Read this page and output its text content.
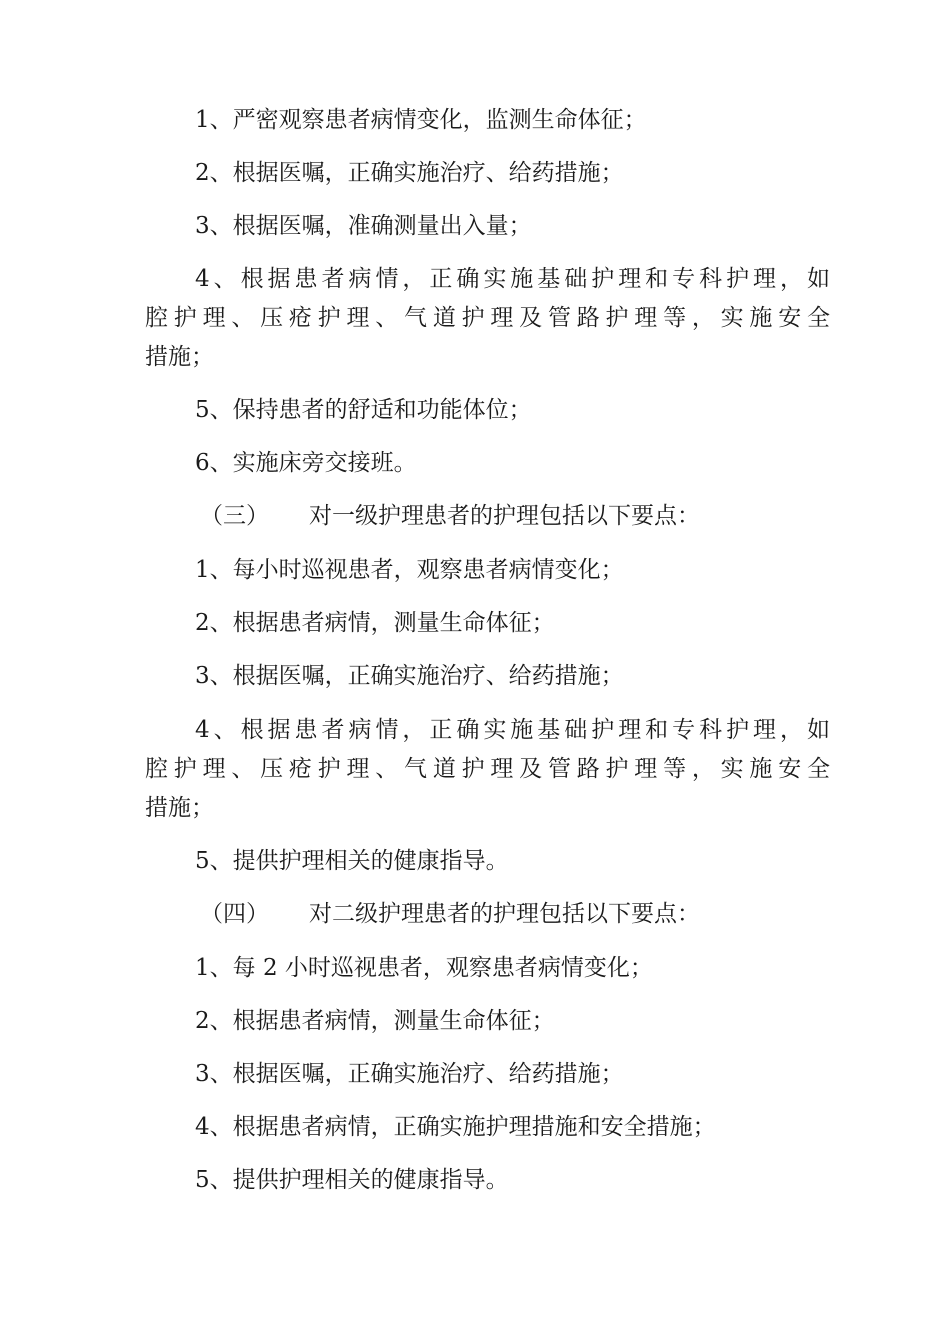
1、严密观察患者病情变化，监测生命体征；
2、根据医嘱，正确实施治疗、给药措施；
3、根据医嘱，准确测量出入量；
4、根据患者病情，正确实施基础护理和专科护理，如
腔护理、压疮护理、气道护理及管路护理等，实施安全
措施；
5、保持患者的舒适和功能体位；
6、实施床旁交接班。
（三） 对一级护理患者的护理包括以下要点：
1、每小时巡视患者，观察患者病情变化；
2、根据患者病情，测量生命体征；
3、根据医嘱，正确实施治疗、给药措施；
4、根据患者病情，正确实施基础护理和专科护理，如
腔护理、压疮护理、气道护理及管路护理等，实施安全
措施；
5、提供护理相关的健康指导。
（四） 对二级护理患者的护理包括以下要点：
1、每 2 小时巡视患者，观察患者病情变化；
2、根据患者病情，测量生命体征；
3、根据医嘱，正确实施治疗、给药措施；
4、根据患者病情，正确实施护理措施和安全措施；
5、提供护理相关的健康指导。
